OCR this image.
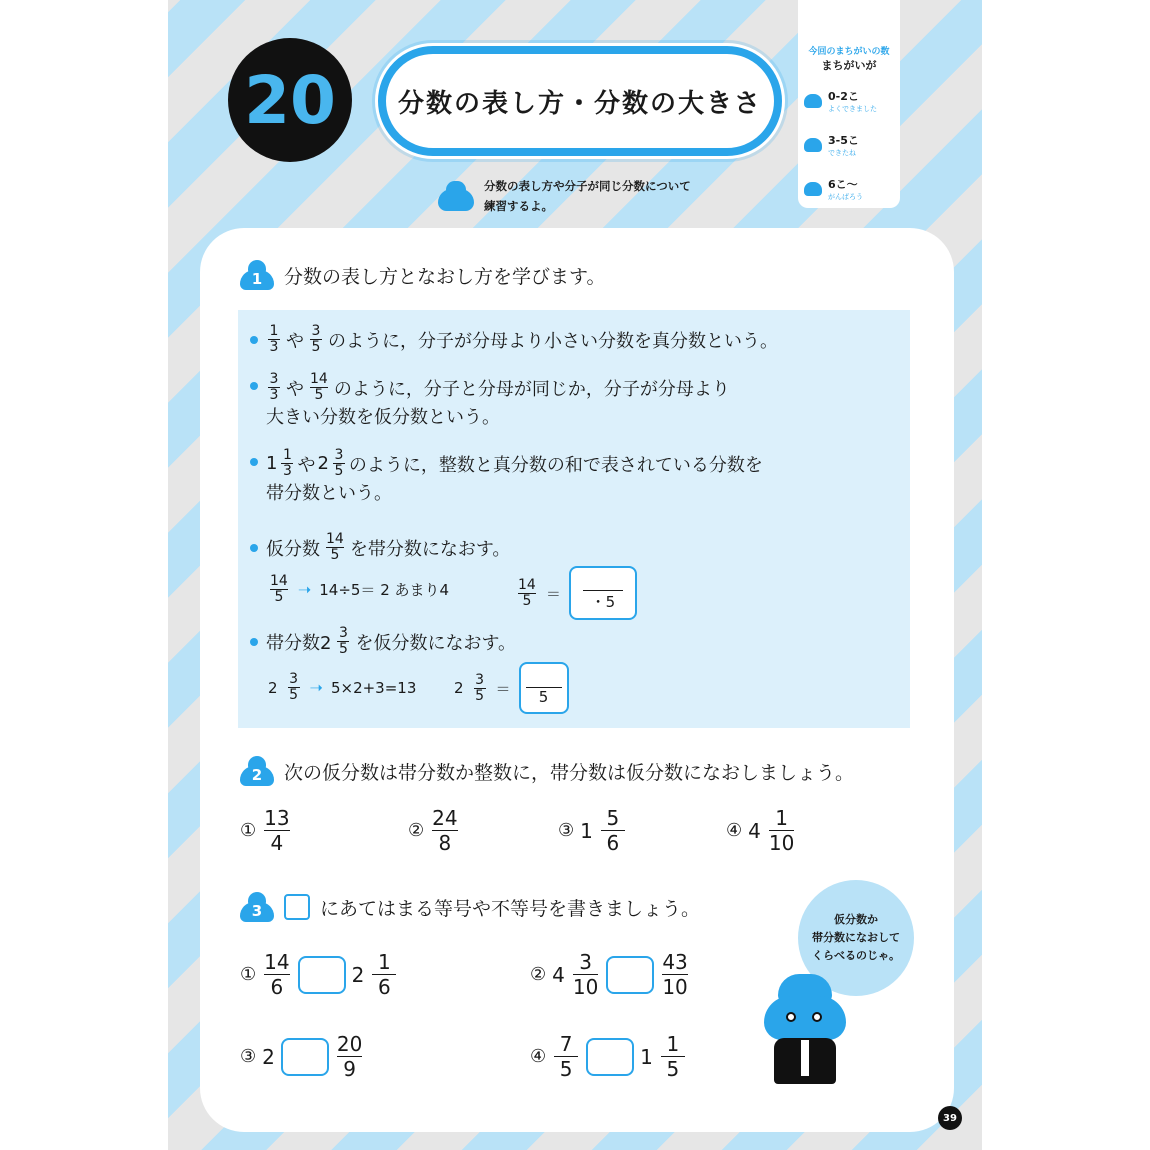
20	分数の表し方・分数の大きさ
分数の表し方や分子が同じ分数について
練習するよ。
今回のまちがいの数
まちがいが
0-2こ
よくできました
3-5こ
できたね
6こ～
がんばろう
1	分数の表し方となおし方を学びます。
$\frac{1}{3}$ や $\frac{3}{5}$ のように，分子が分母より小さい分数を真分数という。
$\frac{3}{3}$ や $\frac{14}{5}$ のように，分子と分母が同じか，分子が分母より
大きい分数を仮分数という。
$1 \frac{1}{3}$ や $2 \frac{3}{5}$ のように，整数と真分数の和で表されている分数を
帯分数という。
仮分数 $\frac{14}{5}$ を帯分数になおす。
$\frac{14}{5}$ ➝ 14÷5＝ 2 あまり4	$\frac{14}{5}$ ＝
・5
帯分数$2 \frac{3}{5}$ を仮分数になおす。
$2 \frac{3}{5}$ ➝ 5×2+3=13	$2 \frac{3}{5}$ ＝
5
2	次の仮分数は帯分数か整数に，帯分数は仮分数になおしましょう。
① $\frac{13}{4}$	② $\frac{24}{8}$	③ $1 \frac{5}{6}$	④ $4 \frac{1}{10}$
3	にあてはまる等号や不等号を書きましょう。
① $\frac{14}{6}$	$2 \frac{1}{6}$	② $4 \frac{3}{10}$	$\frac{43}{10}$
③ 2	$\frac{20}{9}$	④ $\frac{7}{5}$	$1 \frac{1}{5}$
仮分数か
帯分数になおして
くらべるのじゃ。
39
